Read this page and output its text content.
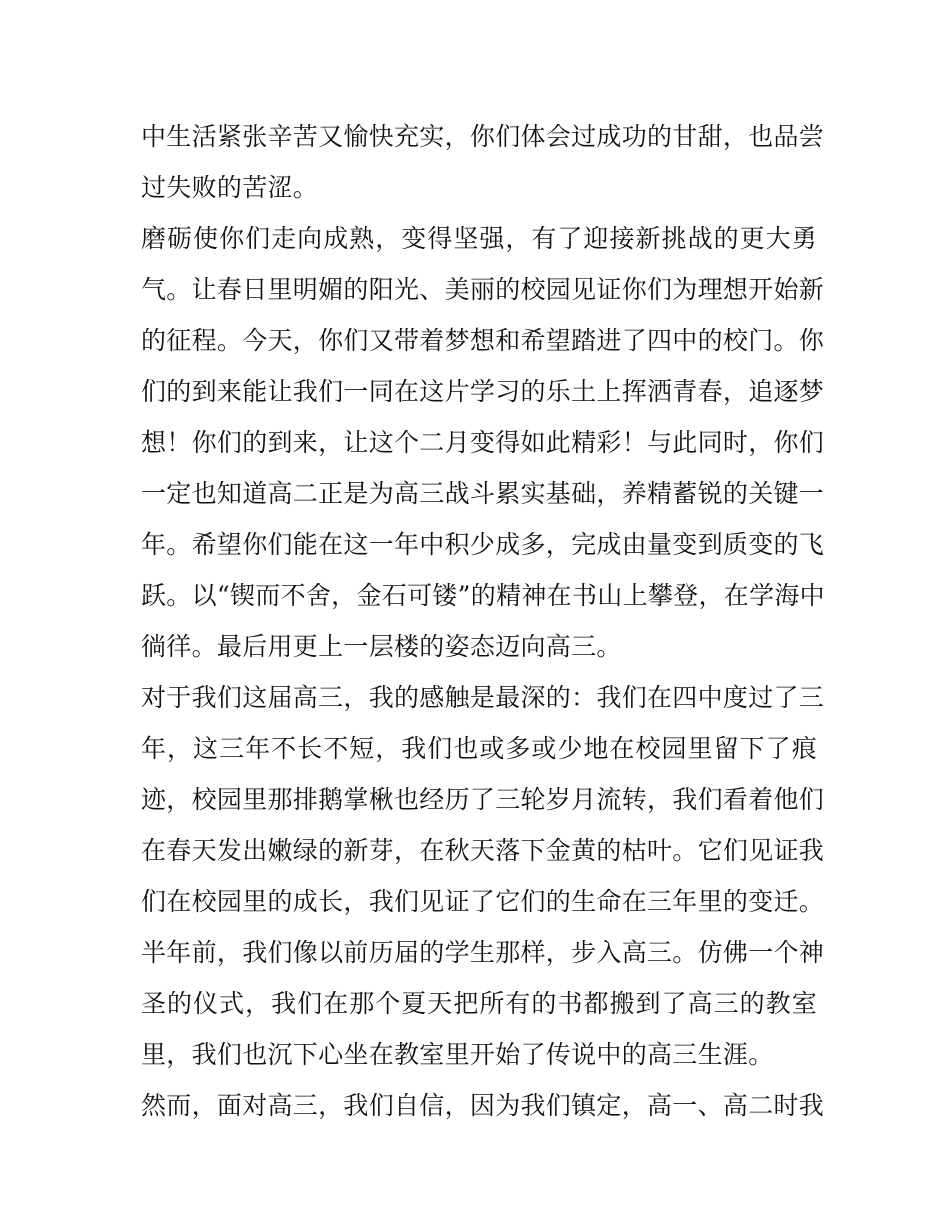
中生活紧张辛苦又愉快充实，你们体会过成功的甘甜，也品尝
过失败的苦涩。
磨砺使你们走向成熟，变得坚强，有了迎接新挑战的更大勇
气。让春日里明媚的阳光、美丽的校园见证你们为理想开始新
的征程。今天，你们又带着梦想和希望踏进了四中的校门。你
们的到来能让我们一同在这片学习的乐土上挥洒青春，追逐梦
想！你们的到来，让这个二月变得如此精彩！与此同时，你们
一定也知道高二正是为高三战斗累实基础，养精蓄锐的关键一
年。希望你们能在这一年中积少成多，完成由量变到质变的飞
跃。以“锲而不舍，金石可镂”的精神在书山上攀登，在学海中
徜徉。最后用更上一层楼的姿态迈向高三。
对于我们这届高三，我的感触是最深的：我们在四中度过了三
年，这三年不长不短，我们也或多或少地在校园里留下了痕
迹，校园里那排鹅掌楸也经历了三轮岁月流转，我们看着他们
在春天发出嫩绿的新芽，在秋天落下金黄的枯叶。它们见证我
们在校园里的成长，我们见证了它们的生命在三年里的变迁。
半年前，我们像以前历届的学生那样，步入高三。仿佛一个神
圣的仪式，我们在那个夏天把所有的书都搬到了高三的教室
里，我们也沉下心坐在教室里开始了传说中的高三生涯。
然而，面对高三，我们自信，因为我们镇定，高一、高二时我
